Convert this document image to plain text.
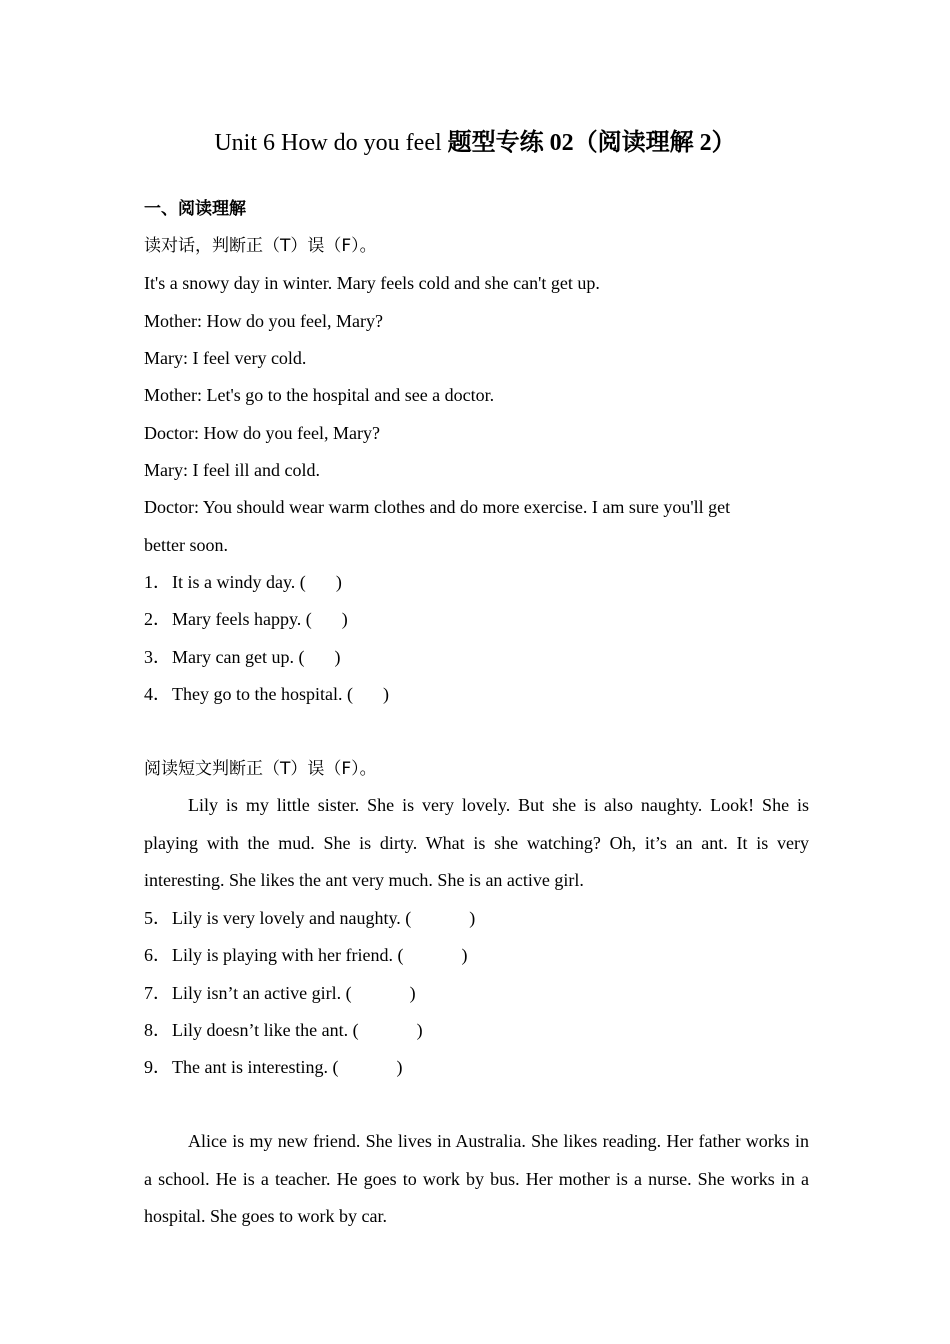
Unit 6 How do you feel 题型专练 02（阅读理解 2）
一、阅读理解
读对话，判断正（T）误（F）。
It's a snowy day in winter. Mary feels cold and she can't get up.
Mother: How do you feel, Mary?
Mary: I feel very cold.
Mother: Let's go to the hospital and see a doctor.
Doctor: How do you feel, Mary?
Mary: I feel ill and cold.
Doctor: You should wear warm clothes and do more exercise. I am sure you'll get
better soon.
1．It is a windy day. ( )
2．Mary feels happy. ( )
3．Mary can get up. ( )
4．They go to the hospital. ( )
阅读短文判断正（T）误（F）。
Lily is my little sister. She is very lovely. But she is also naughty. Look! She is playing with the mud. She is dirty. What is she watching? Oh, it’s an ant. It is very interesting. She likes the ant very much. She is an active girl.
5．Lily is very lovely and naughty. (	)
6．Lily is playing with her friend. (	)
7．Lily isn’t an active girl. (	)
8．Lily doesn’t like the ant. (	)
9．The ant is interesting. (	)
Alice is my new friend. She lives in Australia. She likes reading. Her father works in a school. He is a teacher. He goes to work by bus. Her mother is a nurse. She works in a hospital. She goes to work by car.
